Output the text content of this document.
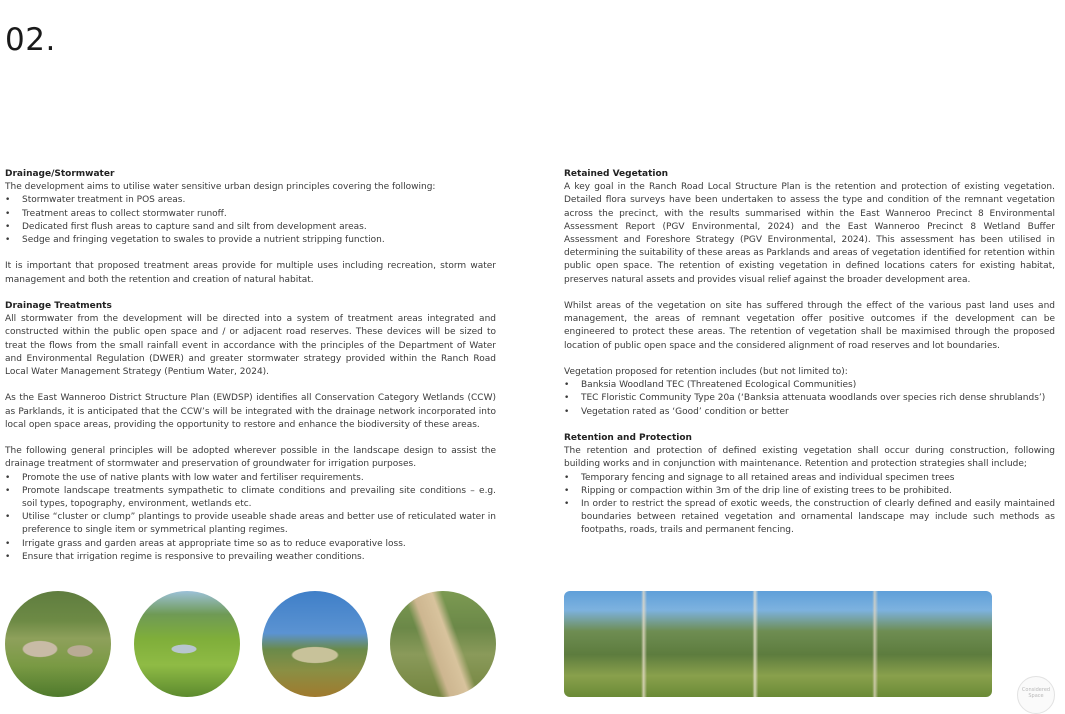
02.
Drainage/Stormwater

The development aims to utilise water sensitive urban design principles covering the following:

• Stormwater treatment in POS areas.
• Treatment areas to collect stormwater runoff.
• Dedicated first flush areas to capture sand and silt from development areas.
• Sedge and fringing vegetation to swales to provide a nutrient stripping function.

It is important that proposed treatment areas provide for multiple uses including recreation, storm water management and both the retention and creation of natural habitat.

Drainage Treatments

All stormwater from the development will be directed into a system of treatment areas integrated and constructed within the public open space and / or adjacent road reserves. These devices will be sized to treat the flows from the small rainfall event in accordance with the principles of the Department of Water and Environmental Regulation (DWER) and greater stormwater strategy provided within the Ranch Road Local Water Management Strategy (Pentium Water, 2024).

As the East Wanneroo District Structure Plan (EWDSP) identifies all Conservation Category Wetlands (CCW) as Parklands, it is anticipated that the CCW’s will be integrated with the drainage network incorporated into local open space areas, providing the opportunity to restore and enhance the biodiversity of these areas.

The following general principles will be adopted wherever possible in the landscape design to assist the drainage treatment of stormwater and preservation of groundwater for irrigation purposes.

• Promote the use of native plants with low water and fertiliser requirements.
• Promote landscape treatments sympathetic to climate conditions and prevailing site conditions – e.g. soil types, topography, environment, wetlands etc.
• Utilise “cluster or clump” plantings to provide useable shade areas and better use of reticulated water in preference to single item or symmetrical planting regimes.
• Irrigate grass and garden areas at appropriate time so as to reduce evaporative loss.
• Ensure that irrigation regime is responsive to prevailing weather conditions.
Retained Vegetation

A key goal in the Ranch Road Local Structure Plan is the retention and protection of existing vegetation. Detailed flora surveys have been undertaken to assess the type and condition of the remnant vegetation across the precinct, with the results summarised within the East Wanneroo Precinct 8 Environmental Assessment Report (PGV Environmental, 2024) and the East Wanneroo Precinct 8 Wetland Buffer Assessment and Foreshore Strategy (PGV Environmental, 2024). This assessment has been utilised in determining the suitability of these areas as Parklands and areas of vegetation identified for retention within public open space. The retention of existing vegetation in defined locations caters for existing habitat, preserves natural assets and provides visual relief against the broader development area.

Whilst areas of the vegetation on site has suffered through the effect of the various past land uses and management, the areas of remnant vegetation offer positive outcomes if the development can be engineered to protect these areas. The retention of vegetation shall be maximised through the proposed location of public open space and the considered alignment of road reserves and lot boundaries.

Vegetation proposed for retention includes (but not limited to):

• Banksia Woodland TEC (Threatened Ecological Communities)
• TEC Floristic Community Type 20a (‘Banksia attenuata woodlands over species rich dense shrublands’)
• Vegetation rated as ‘Good’ condition or better
Retention and Protection

The retention and protection of defined existing vegetation shall occur during construction, following building works and in conjunction with maintenance. Retention and protection strategies shall include;

• Temporary fencing and signage to all retained areas and individual specimen trees
• Ripping or compaction within 3m of the drip line of existing trees to be prohibited.
• In order to restrict the spread of exotic weeds, the construction of clearly defined and easily maintained boundaries between retained vegetation and ornamental landscape may include such methods as footpaths, roads, trails and permanent fencing.
Considered Space
